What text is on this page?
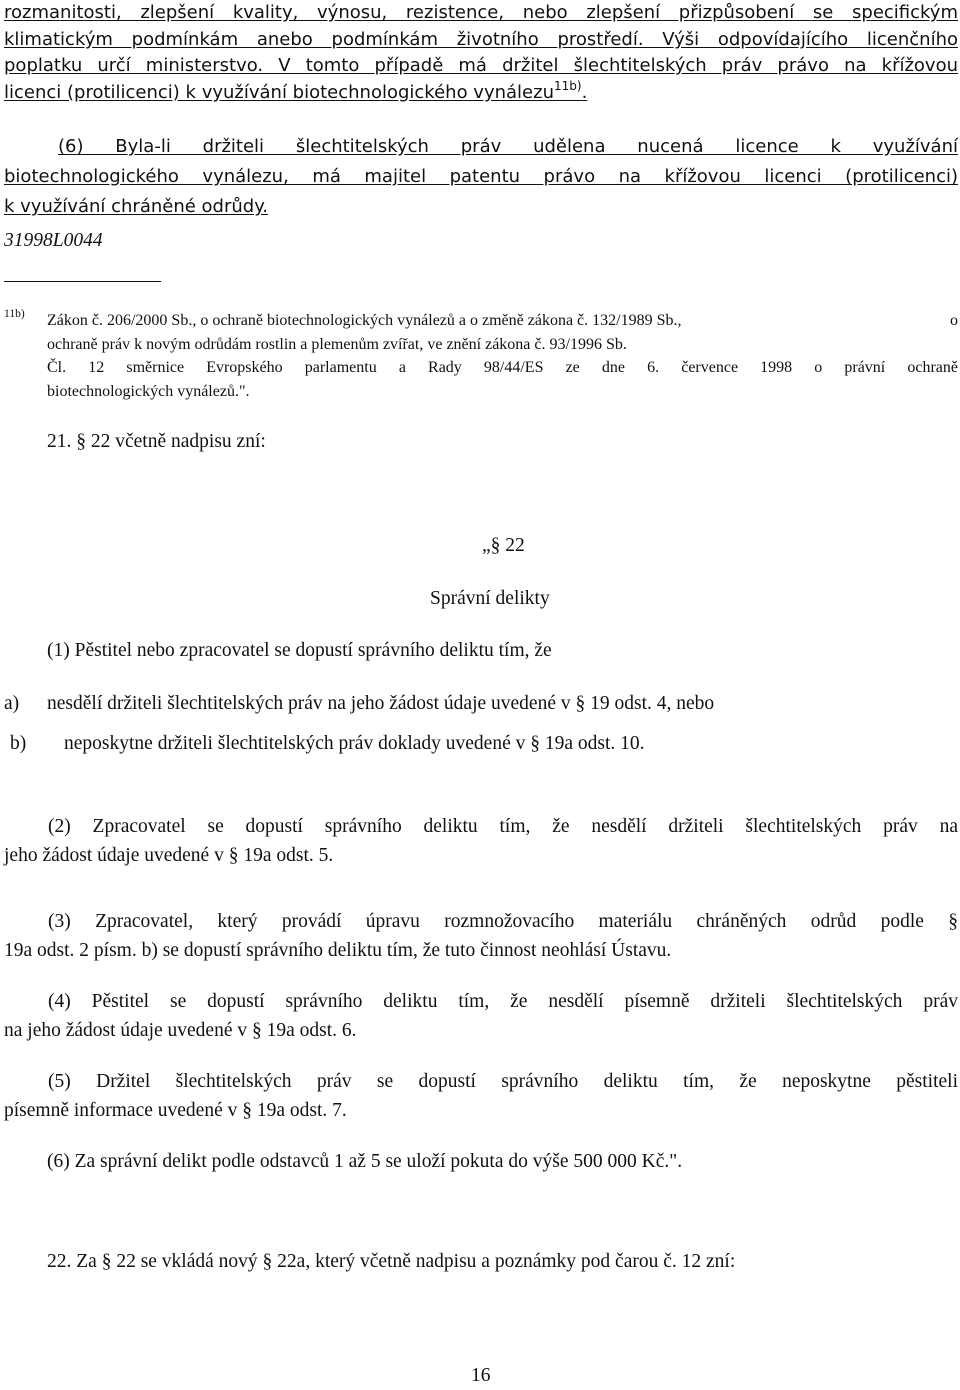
rozmanitosti, zlepšení kvality, výnosu, rezistence, nebo zlepšení přizpůsobení se specifickým
klimatickým podmínkám anebo podmínkám životního prostředí. Výši odpovídajícího licenčního
poplatku určí ministerstvo. V tomto případě má držitel šlechtitelských práv právo na křížovou
licenci (protilicenci) k využívání biotechnologického vynálezu$^{11b)}$.
(6) Byla-li držiteli šlechtitelských práv udělena nucená licence k využívání
biotechnologického vynálezu, má majitel patentu právo na křížovou licenci (protilicenci)
k využívání chráněné odrůdy.
31998L0044
11b) Zákon č. 206/2000 Sb., o ochraně biotechnologických vynálezů a o změně zákona č. 132/1989 Sb.,	o
ochraně práv k novým odrůdám rostlin a plemenům zvířat, ve znění zákona č. 93/1996 Sb.
Čl. 12 směrnice Evropského parlamentu a Rady 98/44/ES ze dne 6. července 1998 o právní ochraně
biotechnologických vynálezů.".
21. § 22 včetně nadpisu zní:
„§ 22
Správní delikty
(1) Pěstitel nebo zpracovatel se dopustí správního deliktu tím, že
a) nesdělí držiteli šlechtitelských práv na jeho žádost údaje uvedené v § 19 odst. 4, nebo
b) neposkytne držiteli šlechtitelských práv doklady uvedené v § 19a odst. 10.
(2) Zpracovatel se dopustí správního deliktu tím, že nesdělí držiteli šlechtitelských práv na
jeho žádost údaje uvedené v § 19a odst. 5.
(3) Zpracovatel, který provádí úpravu rozmnožovacího materiálu chráněných odrůd podle §
19a odst. 2 písm. b) se dopustí správního deliktu tím, že tuto činnost neohlásí Ústavu.
(4) Pěstitel se dopustí správního deliktu tím, že nesdělí písemně držiteli šlechtitelských práv
na jeho žádost údaje uvedené v § 19a odst. 6.
(5) Držitel šlechtitelských práv se dopustí správního deliktu tím, že neposkytne pěstiteli
písemně informace uvedené v § 19a odst. 7.
(6) Za správní delikt podle odstavců 1 až 5 se uloží pokuta do výše 500 000 Kč.".
22. Za § 22 se vkládá nový § 22a, který včetně nadpisu a poznámky pod čarou č. 12 zní:
16
